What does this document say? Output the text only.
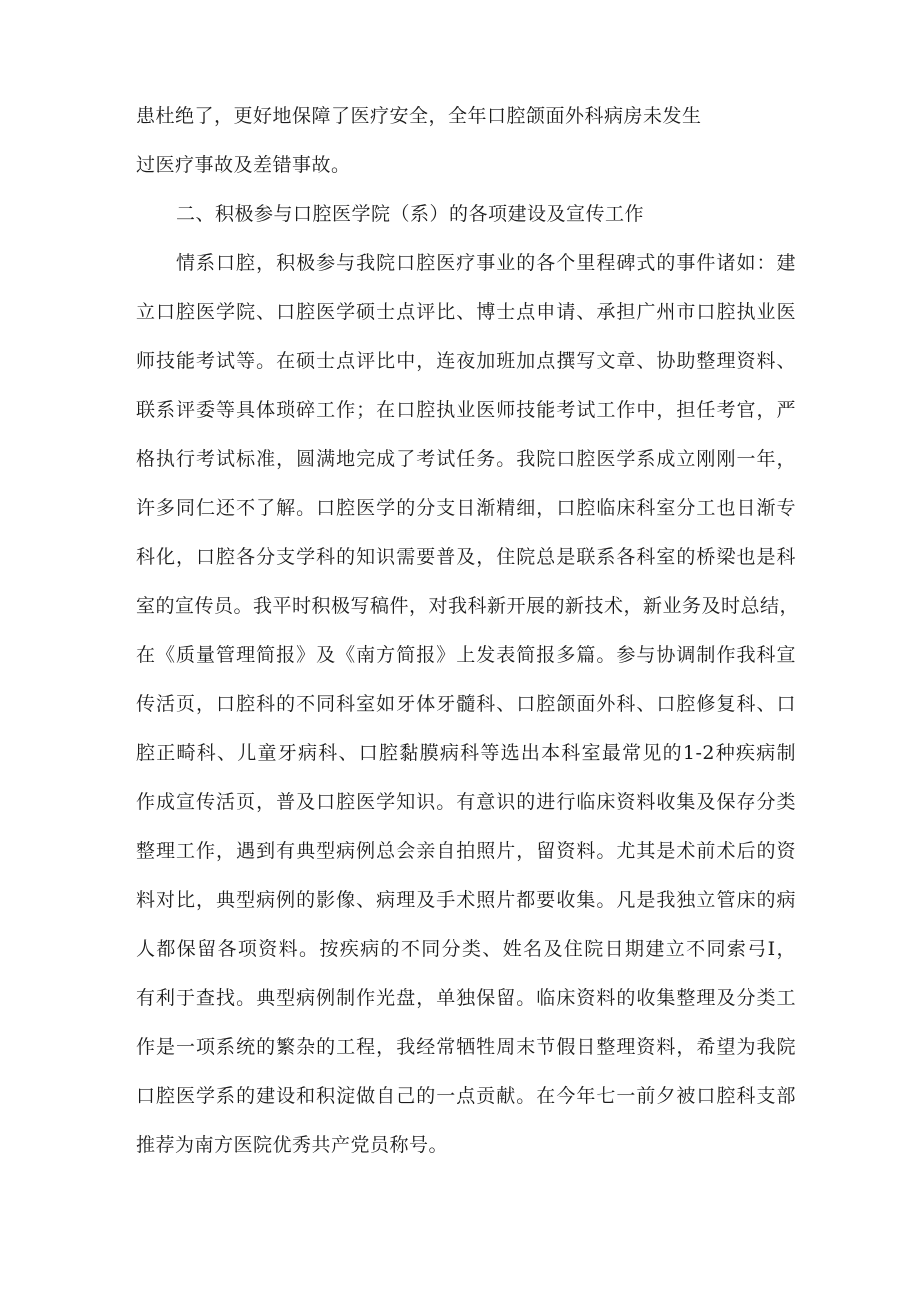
患杜绝了，更好地保障了医疗安全，全年口腔颌面外科病房未发生
过医疗事故及差错事故。
二、积极参与口腔医学院（系）的各项建设及宣传工作
情系口腔，积极参与我院口腔医疗事业的各个里程碑式的事件诸如：建
立口腔医学院、口腔医学硕士点评比、博士点申请、承担广州市口腔执业医
师技能考试等。在硕士点评比中，连夜加班加点撰写文章、协助整理资料、
联系评委等具体琐碎工作；在口腔执业医师技能考试工作中，担任考官，严
格执行考试标准，圆满地完成了考试任务。我院口腔医学系成立刚刚一年，
许多同仁还不了解。口腔医学的分支日渐精细，口腔临床科室分工也日渐专
科化，口腔各分支学科的知识需要普及，住院总是联系各科室的桥梁也是科
室的宣传员。我平时积极写稿件，对我科新开展的新技术，新业务及时总结，
在《质量管理简报》及《南方简报》上发表简报多篇。参与协调制作我科宣
传活页，口腔科的不同科室如牙体牙髓科、口腔颌面外科、口腔修复科、口
腔正畸科、儿童牙病科、口腔黏膜病科等选出本科室最常见的1-2种疾病制
作成宣传活页，普及口腔医学知识。有意识的进行临床资料收集及保存分类
整理工作，遇到有典型病例总会亲自拍照片，留资料。尤其是术前术后的资
料对比，典型病例的影像、病理及手术照片都要收集。凡是我独立管床的病
人都保留各项资料。按疾病的不同分类、姓名及住院日期建立不同索弓I，
有利于查找。典型病例制作光盘，单独保留。临床资料的收集整理及分类工
作是一项系统的繁杂的工程，我经常牺牲周末节假日整理资料，希望为我院
口腔医学系的建设和积淀做自己的一点贡献。在今年七一前夕被口腔科支部
推荐为南方医院优秀共产党员称号。
